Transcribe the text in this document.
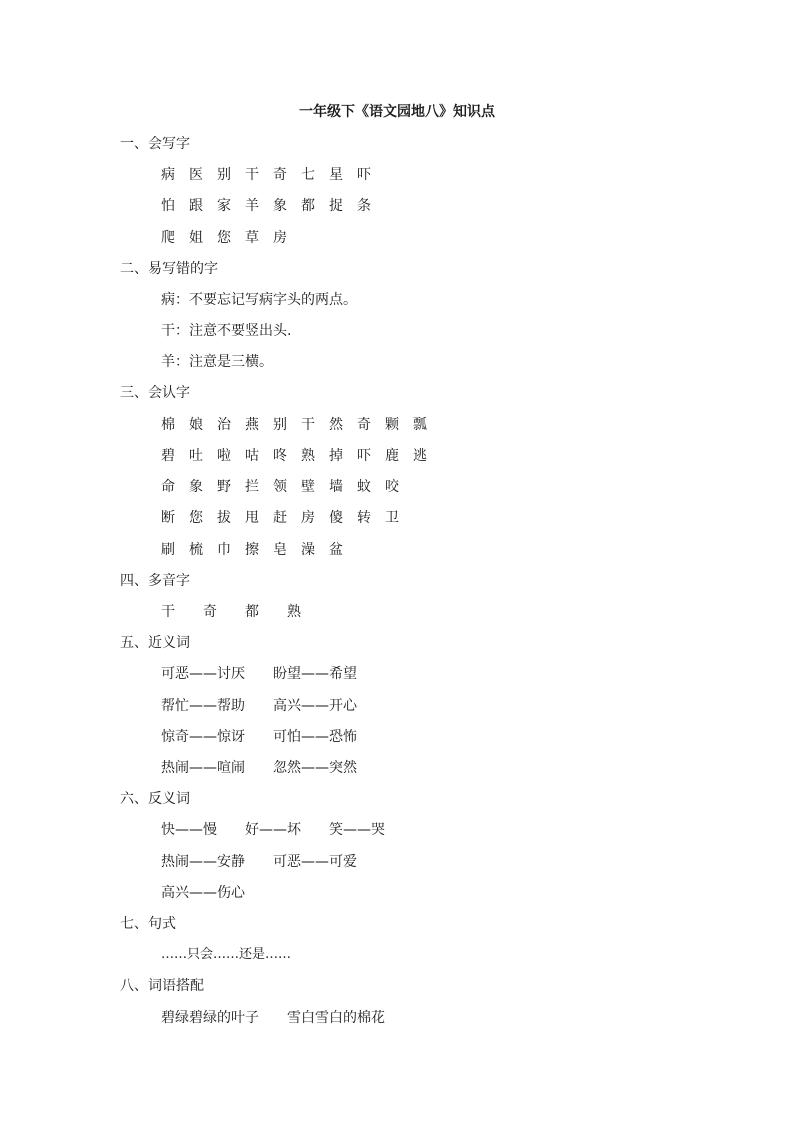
一年级下《语文园地八》知识点
一、会写字
病 医 别 干 奇 七 星 吓
怕 跟 家 羊 象 都 捉 条
爬 姐 您 草 房
二、易写错的字
病：不要忘记写病字头的两点。
干：注意不要竖出头.
羊：注意是三横。
三、会认字
棉 娘 治 燕 别 干 然 奇 颗 瓢
碧 吐 啦 咕 咚 熟 掉 吓 鹿 逃
命 象 野 拦 领 壁 墙 蚊 咬
断 您 拔 甩 赶 房 傻 转 卫
刷 梳 巾 擦 皂 澡 盆
四、多音字
干 奇 都 熟
五、近义词
可恶——讨厌 盼望——希望
帮忙——帮助 高兴——开心
惊奇——惊讶 可怕——恐怖
热闹——喧闹 忽然——突然
六、反义词
快——慢 好——坏 笑——哭
热闹——安静 可恶——可爱
高兴——伤心
七、句式
……只会……还是……
八、词语搭配
碧绿碧绿的叶子 雪白雪白的棉花
